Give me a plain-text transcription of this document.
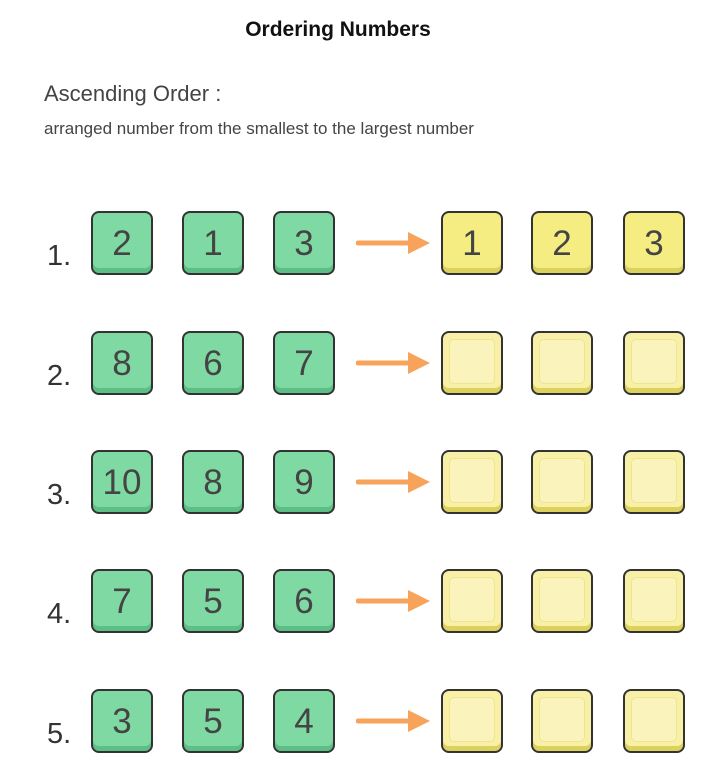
Ordering Numbers
Ascending Order :
arranged number from the smallest to the largest number
1.	2	1	3	1	2	3
2.	8	6	7
3. 10	8	9
4.	7	5	6
5.	3	5	4
